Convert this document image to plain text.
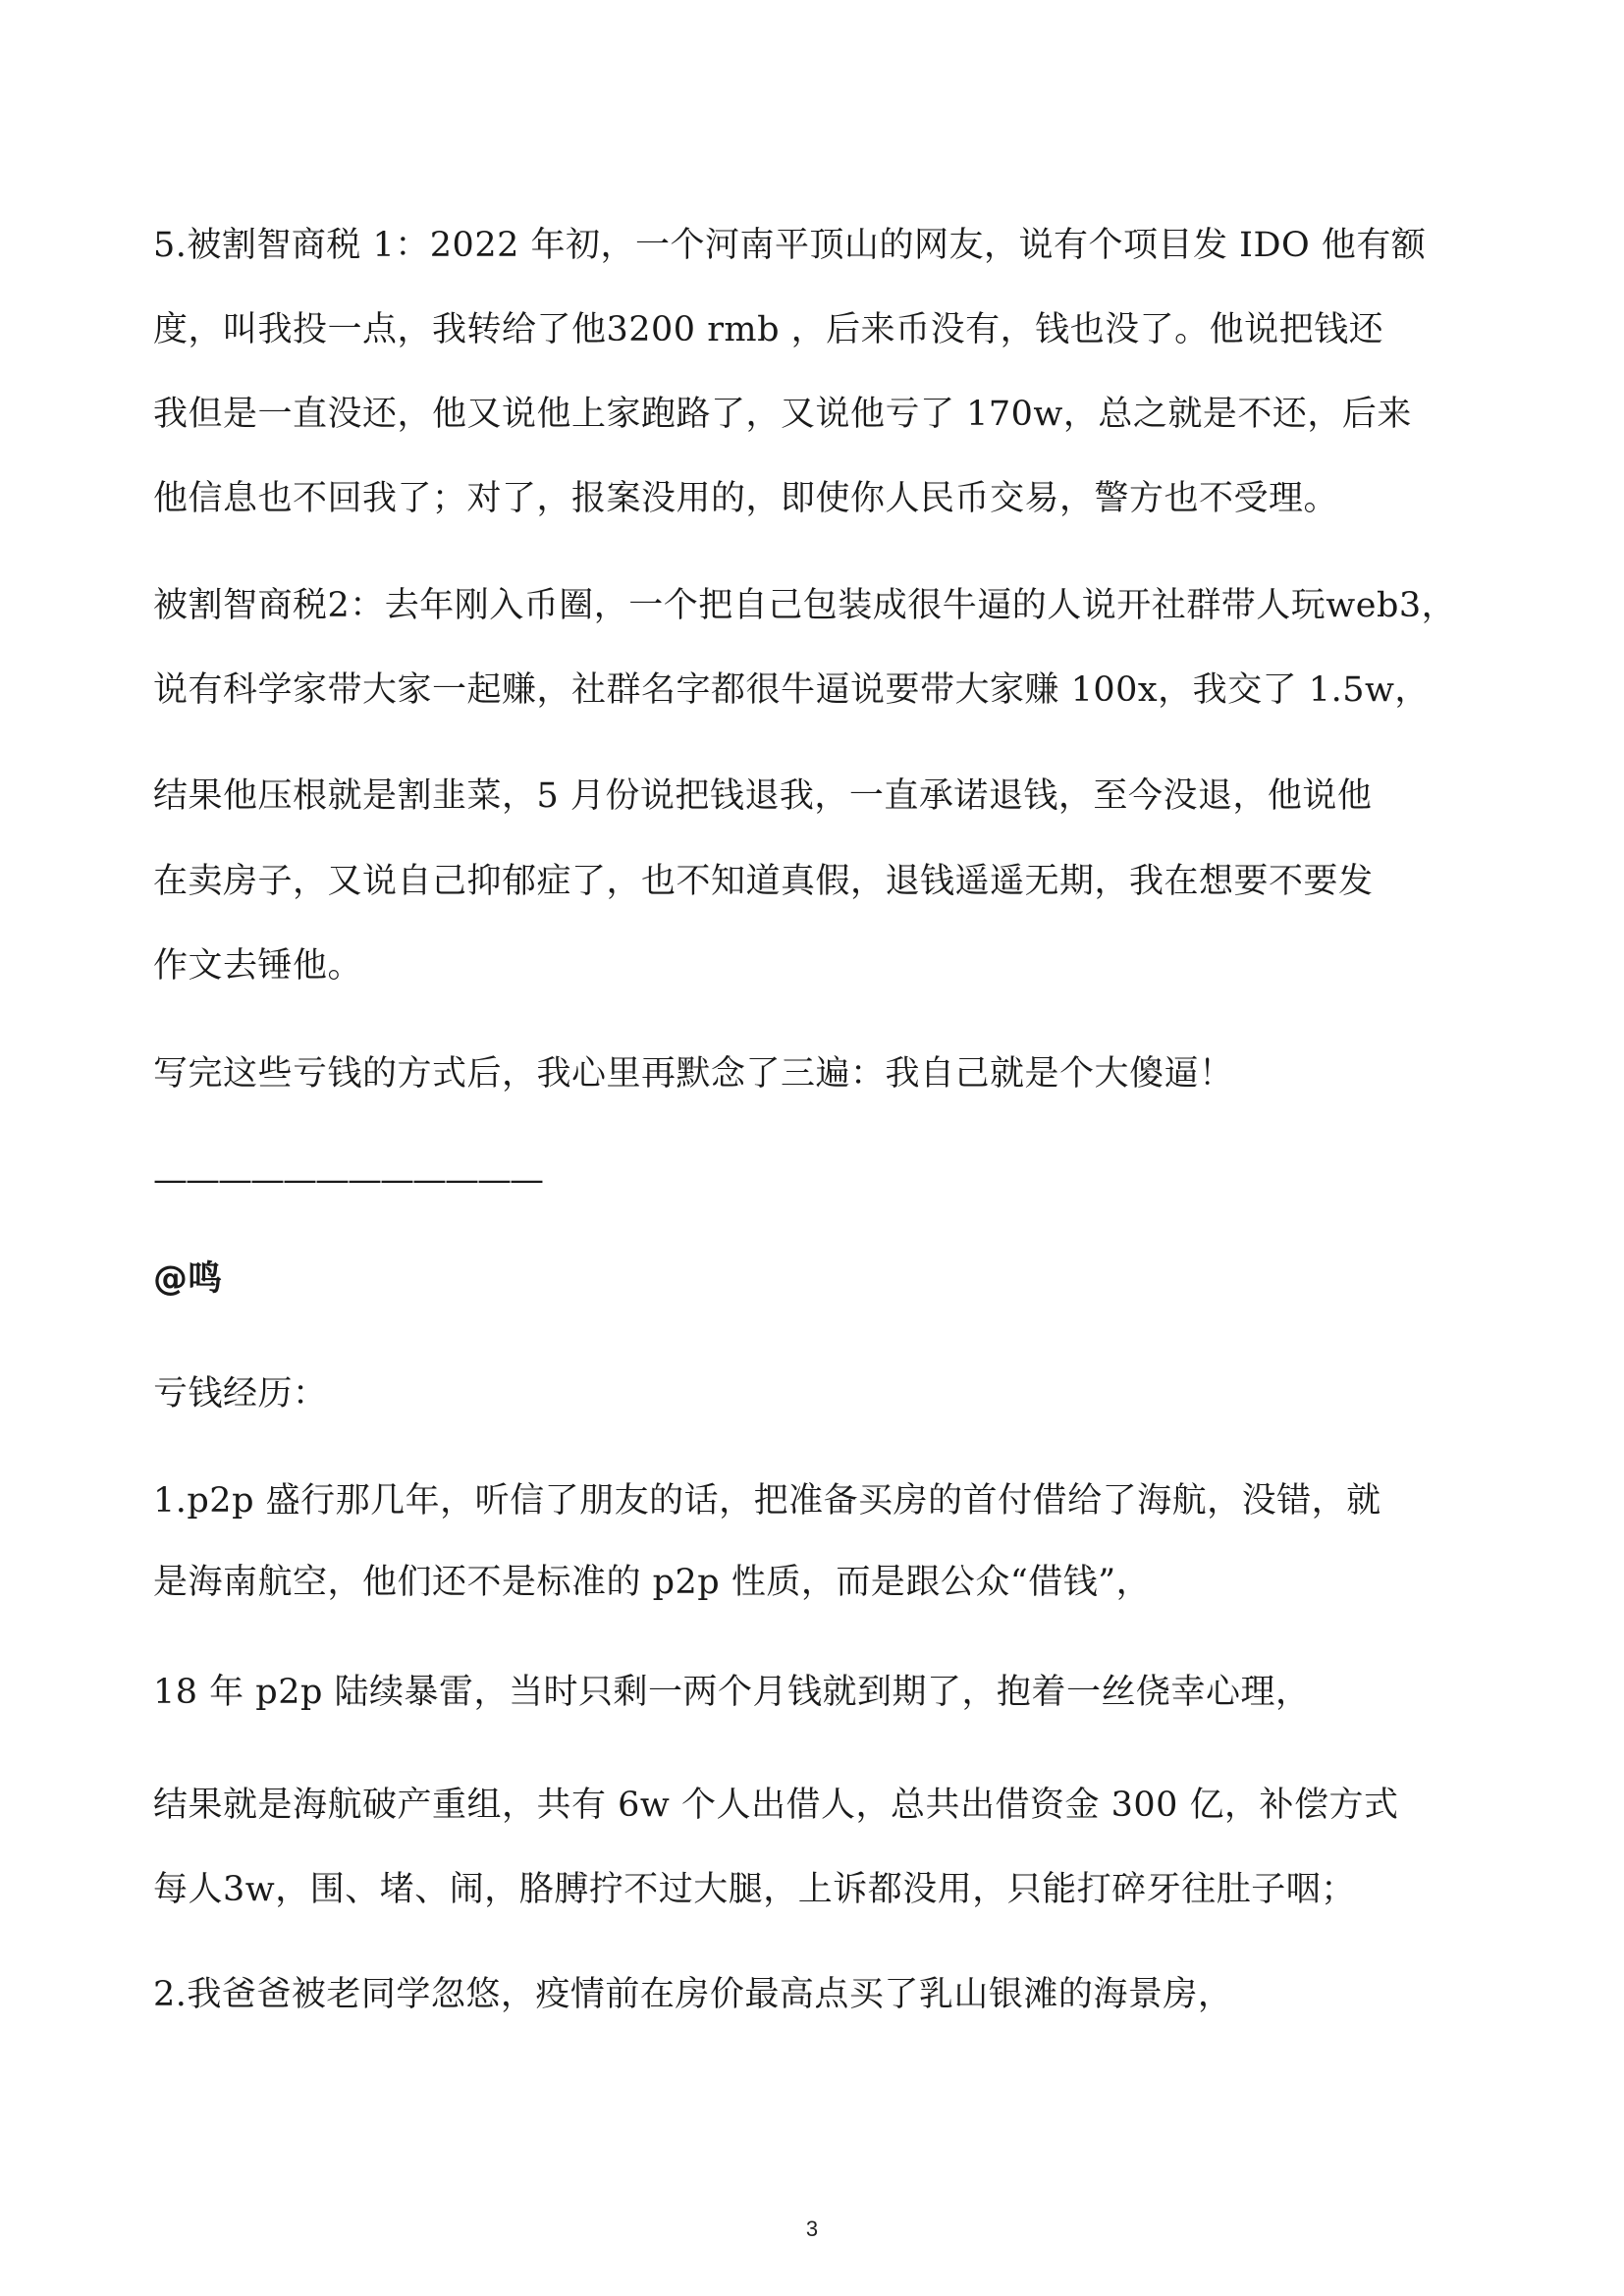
5.被割智商税 1：2022 年初，一个河南平顶山的网友，说有个项目发 IDO 他有额
度，叫我投一点，我转给了他3200 rmb ，后来币没有，钱也没了。他说把钱还
我但是一直没还，他又说他上家跑路了，又说他亏了 170w，总之就是不还，后来
他信息也不回我了；对了，报案没用的，即使你人民币交易，警方也不受理。
被割智商税2：去年刚入币圈，一个把自己包装成很牛逼的人说开社群带人玩web3，
说有科学家带大家一起赚，社群名字都很牛逼说要带大家赚 100x，我交了 1.5w，
结果他压根就是割韭菜，5 月份说把钱退我，一直承诺退钱，至今没退，他说他
在卖房子，又说自己抑郁症了，也不知道真假，退钱遥遥无期，我在想要不要发
作文去锤他。
写完这些亏钱的方式后，我心里再默念了三遍：我自己就是个大傻逼！
————————————
@鸣
亏钱经历：
1.p2p 盛行那几年，听信了朋友的话，把准备买房的首付借给了海航，没错，就
是海南航空，他们还不是标准的 p2p 性质，而是跟公众“借钱”，
18 年 p2p 陆续暴雷，当时只剩一两个月钱就到期了，抱着一丝侥幸心理，
结果就是海航破产重组，共有 6w 个人出借人，总共出借资金 300 亿，补偿方式
每人3w，围、堵、闹，胳膊拧不过大腿，上诉都没用，只能打碎牙往肚子咽；
2.我爸爸被老同学忽悠，疫情前在房价最高点买了乳山银滩的海景房，
3
